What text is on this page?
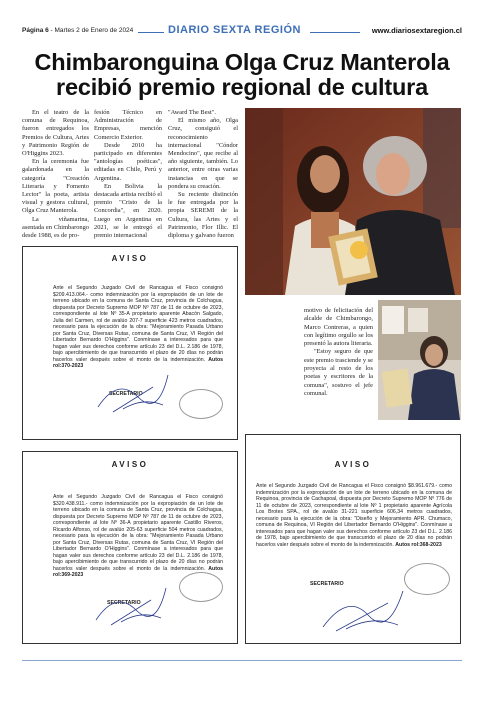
Página 6 - Martes 2 de Enero de 2024	DIARIO SEXTA REGIÓN	www.diariosextaregion.cl
Chimbaronguina Olga Cruz Manterola
recibió premio regional de cultura

En el teatro de la comuna de Requinoa, fueron entregados los Premios de Cultura, Artes y Patrimonio Región de O'Higgins 2023.

En la ceremonia fue galardonada en la categoría "Creación Literaria y Fomento Lector" la poeta, artista visual y gestora cultural, Olga Cruz Manterola.

La viñamarina, asentada en Chimbarongo desde 1988, es de pro-

fesión Técnico en Administración de Empresas, mención Comercio Exterior.

Desde 2010 ha participado en diferentes "antologías poéticas", editadas en Chile, Perú y Argentina.

En Bolivia la destacada artista recibió el premio "Cristo de la Concordia", en 2020. Luego en Argentina en 2021, se le entregó el premio internacional

"Award The Best".

El mismo año, Olga Cruz, consiguió el reconocimiento internacional "Cóndor Mendocino", que recibe al año siguiente, también. Lo anterior, entre otras varias instancias en que se pondera su creación.

Su reciente distinción le fue entregada por la propia SEREMI de la Cultura, las Artes y el Patrimonio, Flor Illic. El diploma y galvano fueron

motivo de felicitación del alcalde de Chimbarongo, Marco Contreras, a quien con legítimo orgullo se los presentó la autora literaria.

"Estoy seguro de que este premio trasciende y se proyecta al resto de los poetas y escritores de la comuna", sostuvo el jefe comunal.

AVISO
Ante el Segundo Juzgado Civil de Rancagua el Fisco consignó $209.413.064.- como indemnización por la expropiación de un lote de terreno ubicado en la comuna de Santa Cruz, provincia de Colchagua, dispuesta por Decreto Supremo MOP Nº 787 de 11 de octubre de 2023, correspondiente al lote Nº 35-A propietario aparente Abacón Salgado, Julia del Carmen, rol de avalúo 207-7 superficie 423 metros cuadrados, necesario para la ejecución de la obra: "Mejoramiento Pasada Urbano por Santa Cruz, Diversas Rutas, comuna de Santa Cruz, VI Región del Libertador Bernardo O'Higgins". Conmínase a interesados para que hagan valer sus derechos conforme artículo 23 del D.L. 2.186 de 1978, bajo apercibimiento de que transcurrido el plazo de 20 días no podrán hacerlos valer después sobre el monto de la indemnización. Autos rol:370-2023
SECRETARIO
AVISO
Ante el Segundo Juzgado Civil de Rancagua el Fisco consignó $320.438.911.- como indemnización por la expropiación de un lote de terreno ubicado en la comuna de Santa Cruz, provincia de Colchagua, dispuesta por Decreto Supremo MOP Nº 787 de 11 de octubre de 2023, correspondiente al lote Nº 36-A propietario aparente Castillo Riveros, Ricardo Alfonso, rol de avalúo 205-63 superficie 504 metros cuadrados, necesario para la ejecución de la obra: "Mejoramiento Pasada Urbano por Santa Cruz, Diversas Rutas, comuna de Santa Cruz, VI Región del Libertador Bernardo O'Higgins". Conmínase a interesados para que hagan valer sus derechos conforme artículo 23 del D.L. 2.186 de 1978, bajo apercibimiento de que transcurrido el plazo de 20 días no podrán hacerlos valer después sobre el monto de la indemnización. Autos rol:369-2023
SECRETARIO
AVISO
Ante el Segundo Juzgado Civil de Rancagua el Fisco consignó $8.961.679.- como indemnización por la expropiación de un lote de terreno ubicado en la comuna de Requinoa, provincia de Cachapoal, dispuesta por Decreto Supremo MOP Nº 776 de 11 de octubre de 2023, correspondiente al lote Nº 1 propietario aparente Agrícola Los Brotes SPA., rol de avalúo 31-221 superficie 606,34 metros cuadrados, necesario para la ejecución de la obra: "Diseño y Mejoramiento APR. Chumaco, comuna de Requinoa, VI Región del Libertador Bernardo O'Higgins". Conmínase a interesados para que hagan valer sus derechos conforme artículo 23 del D.L. 2.186 de 1978, bajo apercibimiento de que transcurrido el plazo de 20 días no podrán hacerlos valer después sobre el monto de la indemnización. Autos rol:368-2023
SECRETARIO
